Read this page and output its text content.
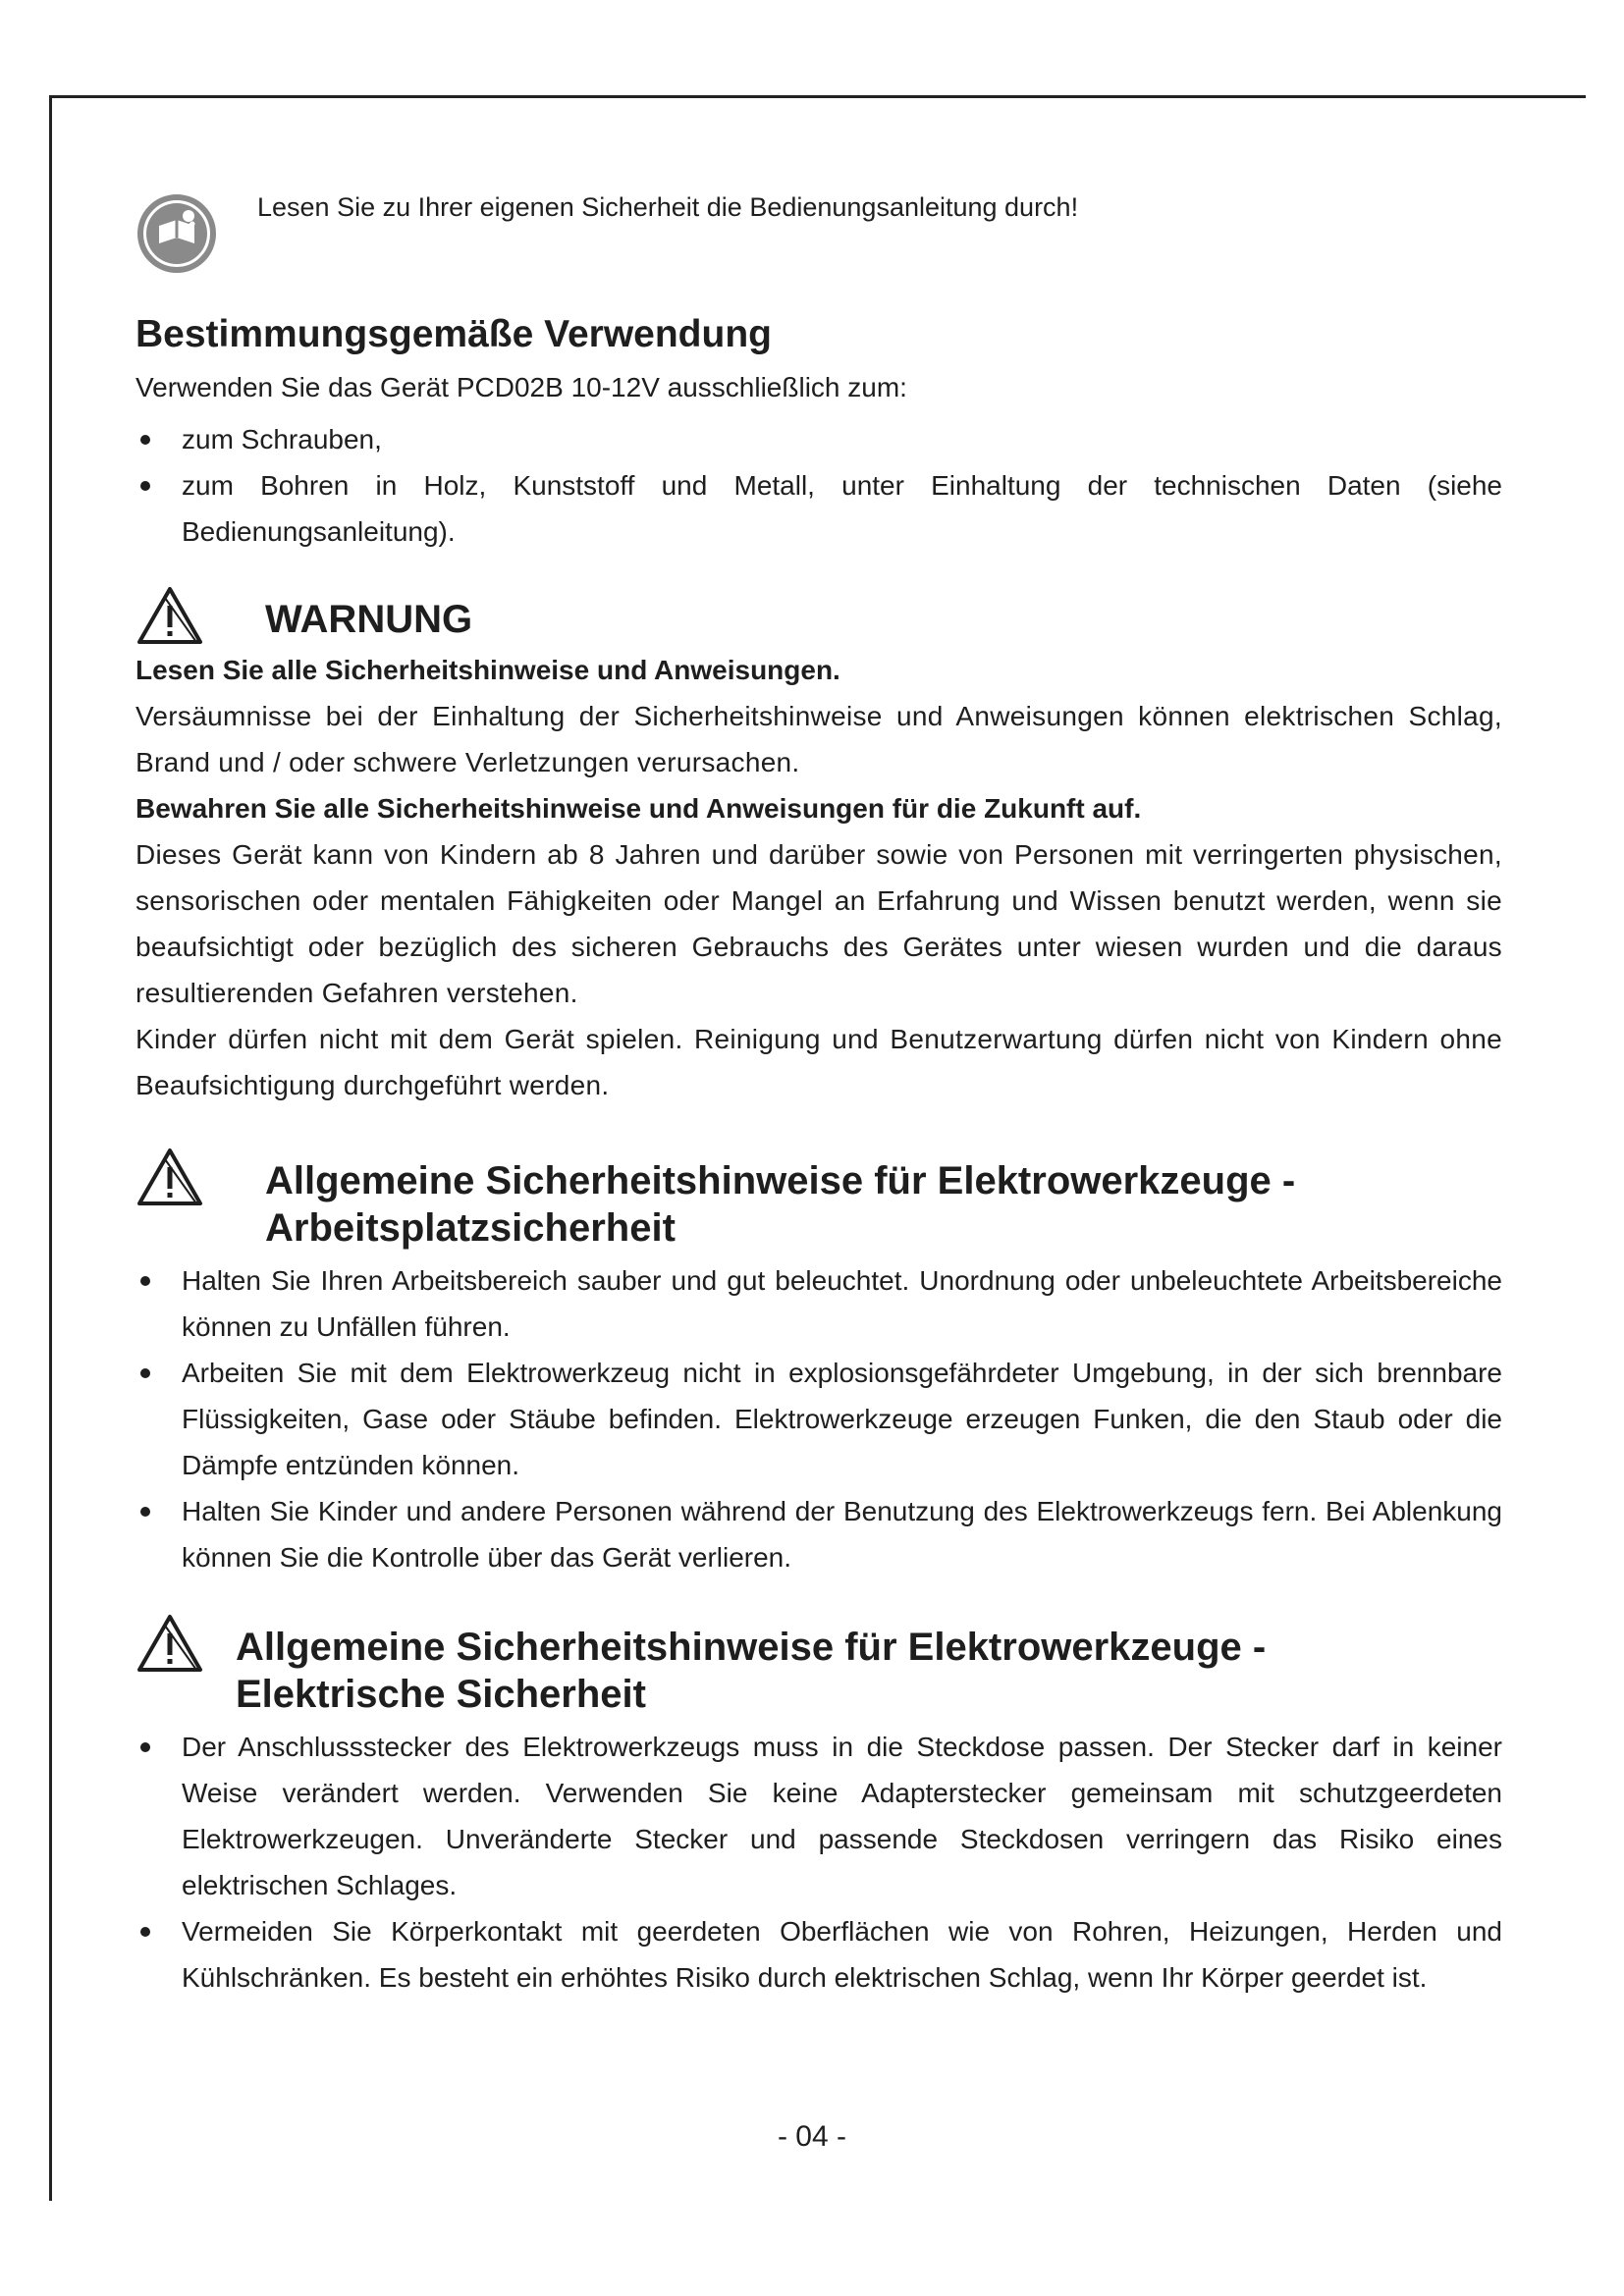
Lesen Sie zu Ihrer eigenen Sicherheit die Bedienungsanleitung durch!
Bestimmungsgemäße Verwendung

Verwenden Sie das Gerät PCD02B 10-12V ausschließlich zum:

zum Schrauben,
zum Bohren in Holz, Kunststoff und Metall, unter Einhaltung der technischen Daten (siehe Bedienungsanleitung).
WARNUNG
Lesen Sie alle Sicherheitshinweise und Anweisungen.

Versäumnisse bei der Einhaltung der Sicherheitshinweise und Anweisungen können elektrischen Schlag, Brand und / oder schwere Verletzungen verursachen.

Bewahren Sie alle Sicherheitshinweise und Anweisungen für die Zukunft auf.

Dieses Gerät kann von Kindern ab 8 Jahren und darüber sowie von Personen mit verringerten physischen, sensorischen oder mentalen Fähigkeiten oder Mangel an Erfahrung und Wissen benutzt werden, wenn sie beaufsichtigt oder bezüglich des sicheren Gebrauchs des Gerätes unter wiesen wurden und die daraus resultierenden Gefahren verstehen.

Kinder dürfen nicht mit dem Gerät spielen. Reinigung und Benutzerwartung dürfen nicht von Kindern ohne Beaufsichtigung durchgeführt werden.

Allgemeine Sicherheitshinweise für Elektrowerkzeuge -
Arbeitsplatzsicherheit
Halten Sie Ihren Arbeitsbereich sauber und gut beleuchtet. Unordnung oder unbeleuchtete Arbeitsbereiche können zu Unfällen führen.
Arbeiten Sie mit dem Elektrowerkzeug nicht in explosionsgefährdeter Umgebung, in der sich brennbare Flüssigkeiten, Gase oder Stäube befinden. Elektrowerkzeuge erzeugen Funken, die den Staub oder die Dämpfe entzünden können.
Halten Sie Kinder und andere Personen während der Benutzung des Elektrowerkzeugs fern. Bei Ablenkung können Sie die Kontrolle über das Gerät verlieren.
Allgemeine Sicherheitshinweise für Elektrowerkzeuge -
Elektrische Sicherheit
Der Anschlussstecker des Elektrowerkzeugs muss in die Steckdose passen. Der Stecker darf in keiner Weise verändert werden. Verwenden Sie keine Adapterstecker gemeinsam mit schutzgeerdeten Elektrowerkzeugen. Unveränderte Stecker und passende Steckdosen verringern das Risiko eines elektrischen Schlages.
Vermeiden Sie Körperkontakt mit geerdeten Oberflächen wie von Rohren, Heizungen, Herden und Kühlschränken. Es besteht ein erhöhtes Risiko durch elektrischen Schlag, wenn Ihr Körper geerdet ist.
- 04 -
